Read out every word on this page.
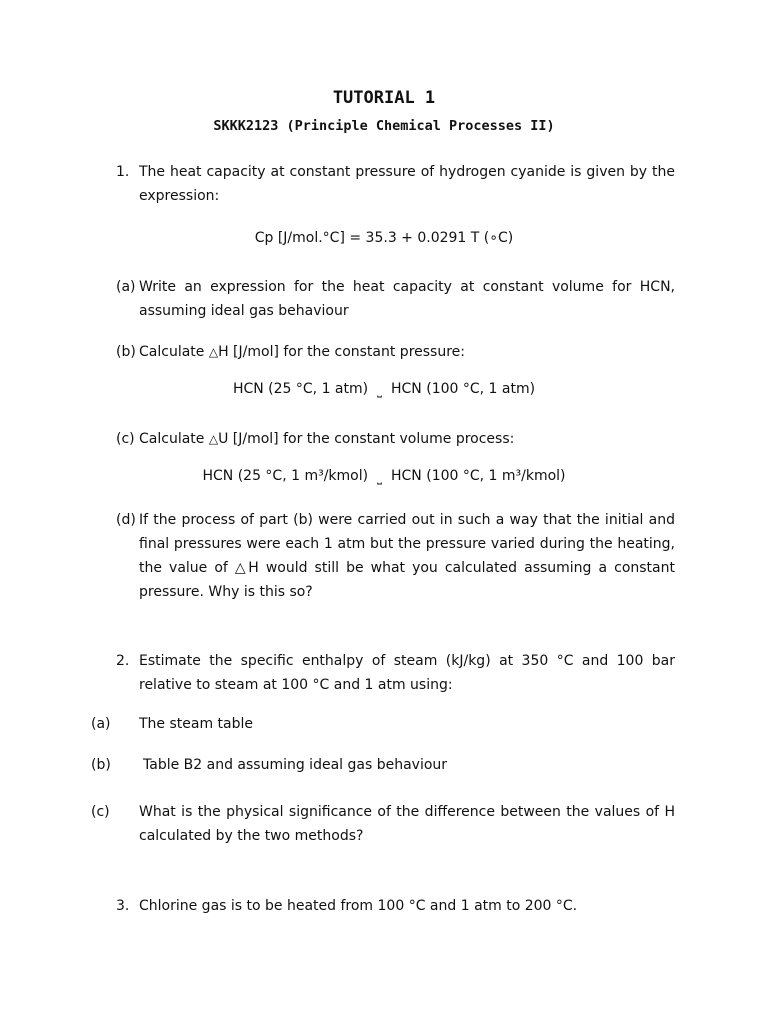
TUTORIAL 1
SKKK2123 (Principle Chemical Processes II)
1. The heat capacity at constant pressure of hydrogen cyanide is given by the expression:
Cp [J/mol.°C] = 35.3 + 0.0291 T (∘C)
(a) Write an expression for the heat capacity at constant volume for HCN, assuming ideal gas behaviour
(b) Calculate △H [J/mol] for the constant pressure:
HCN (25 °C, 1 atm) ⎵ HCN (100 °C, 1 atm)
(c) Calculate △U [J/mol] for the constant volume process:
HCN (25 °C, 1 m³/kmol) ⎵ HCN (100 °C, 1 m³/kmol)
(d) If the process of part (b) were carried out in such a way that the initial and final pressures were each 1 atm but the pressure varied during the heating, the value of △H would still be what you calculated assuming a constant pressure. Why is this so?
2. Estimate the specific enthalpy of steam (kJ/kg) at 350 °C and 100 bar relative to steam at 100 °C and 1 atm using:
(a) The steam table
(b) Table B2 and assuming ideal gas behaviour
(c) What is the physical significance of the difference between the values of H calculated by the two methods?
3. Chlorine gas is to be heated from 100 °C and 1 atm to 200 °C.
